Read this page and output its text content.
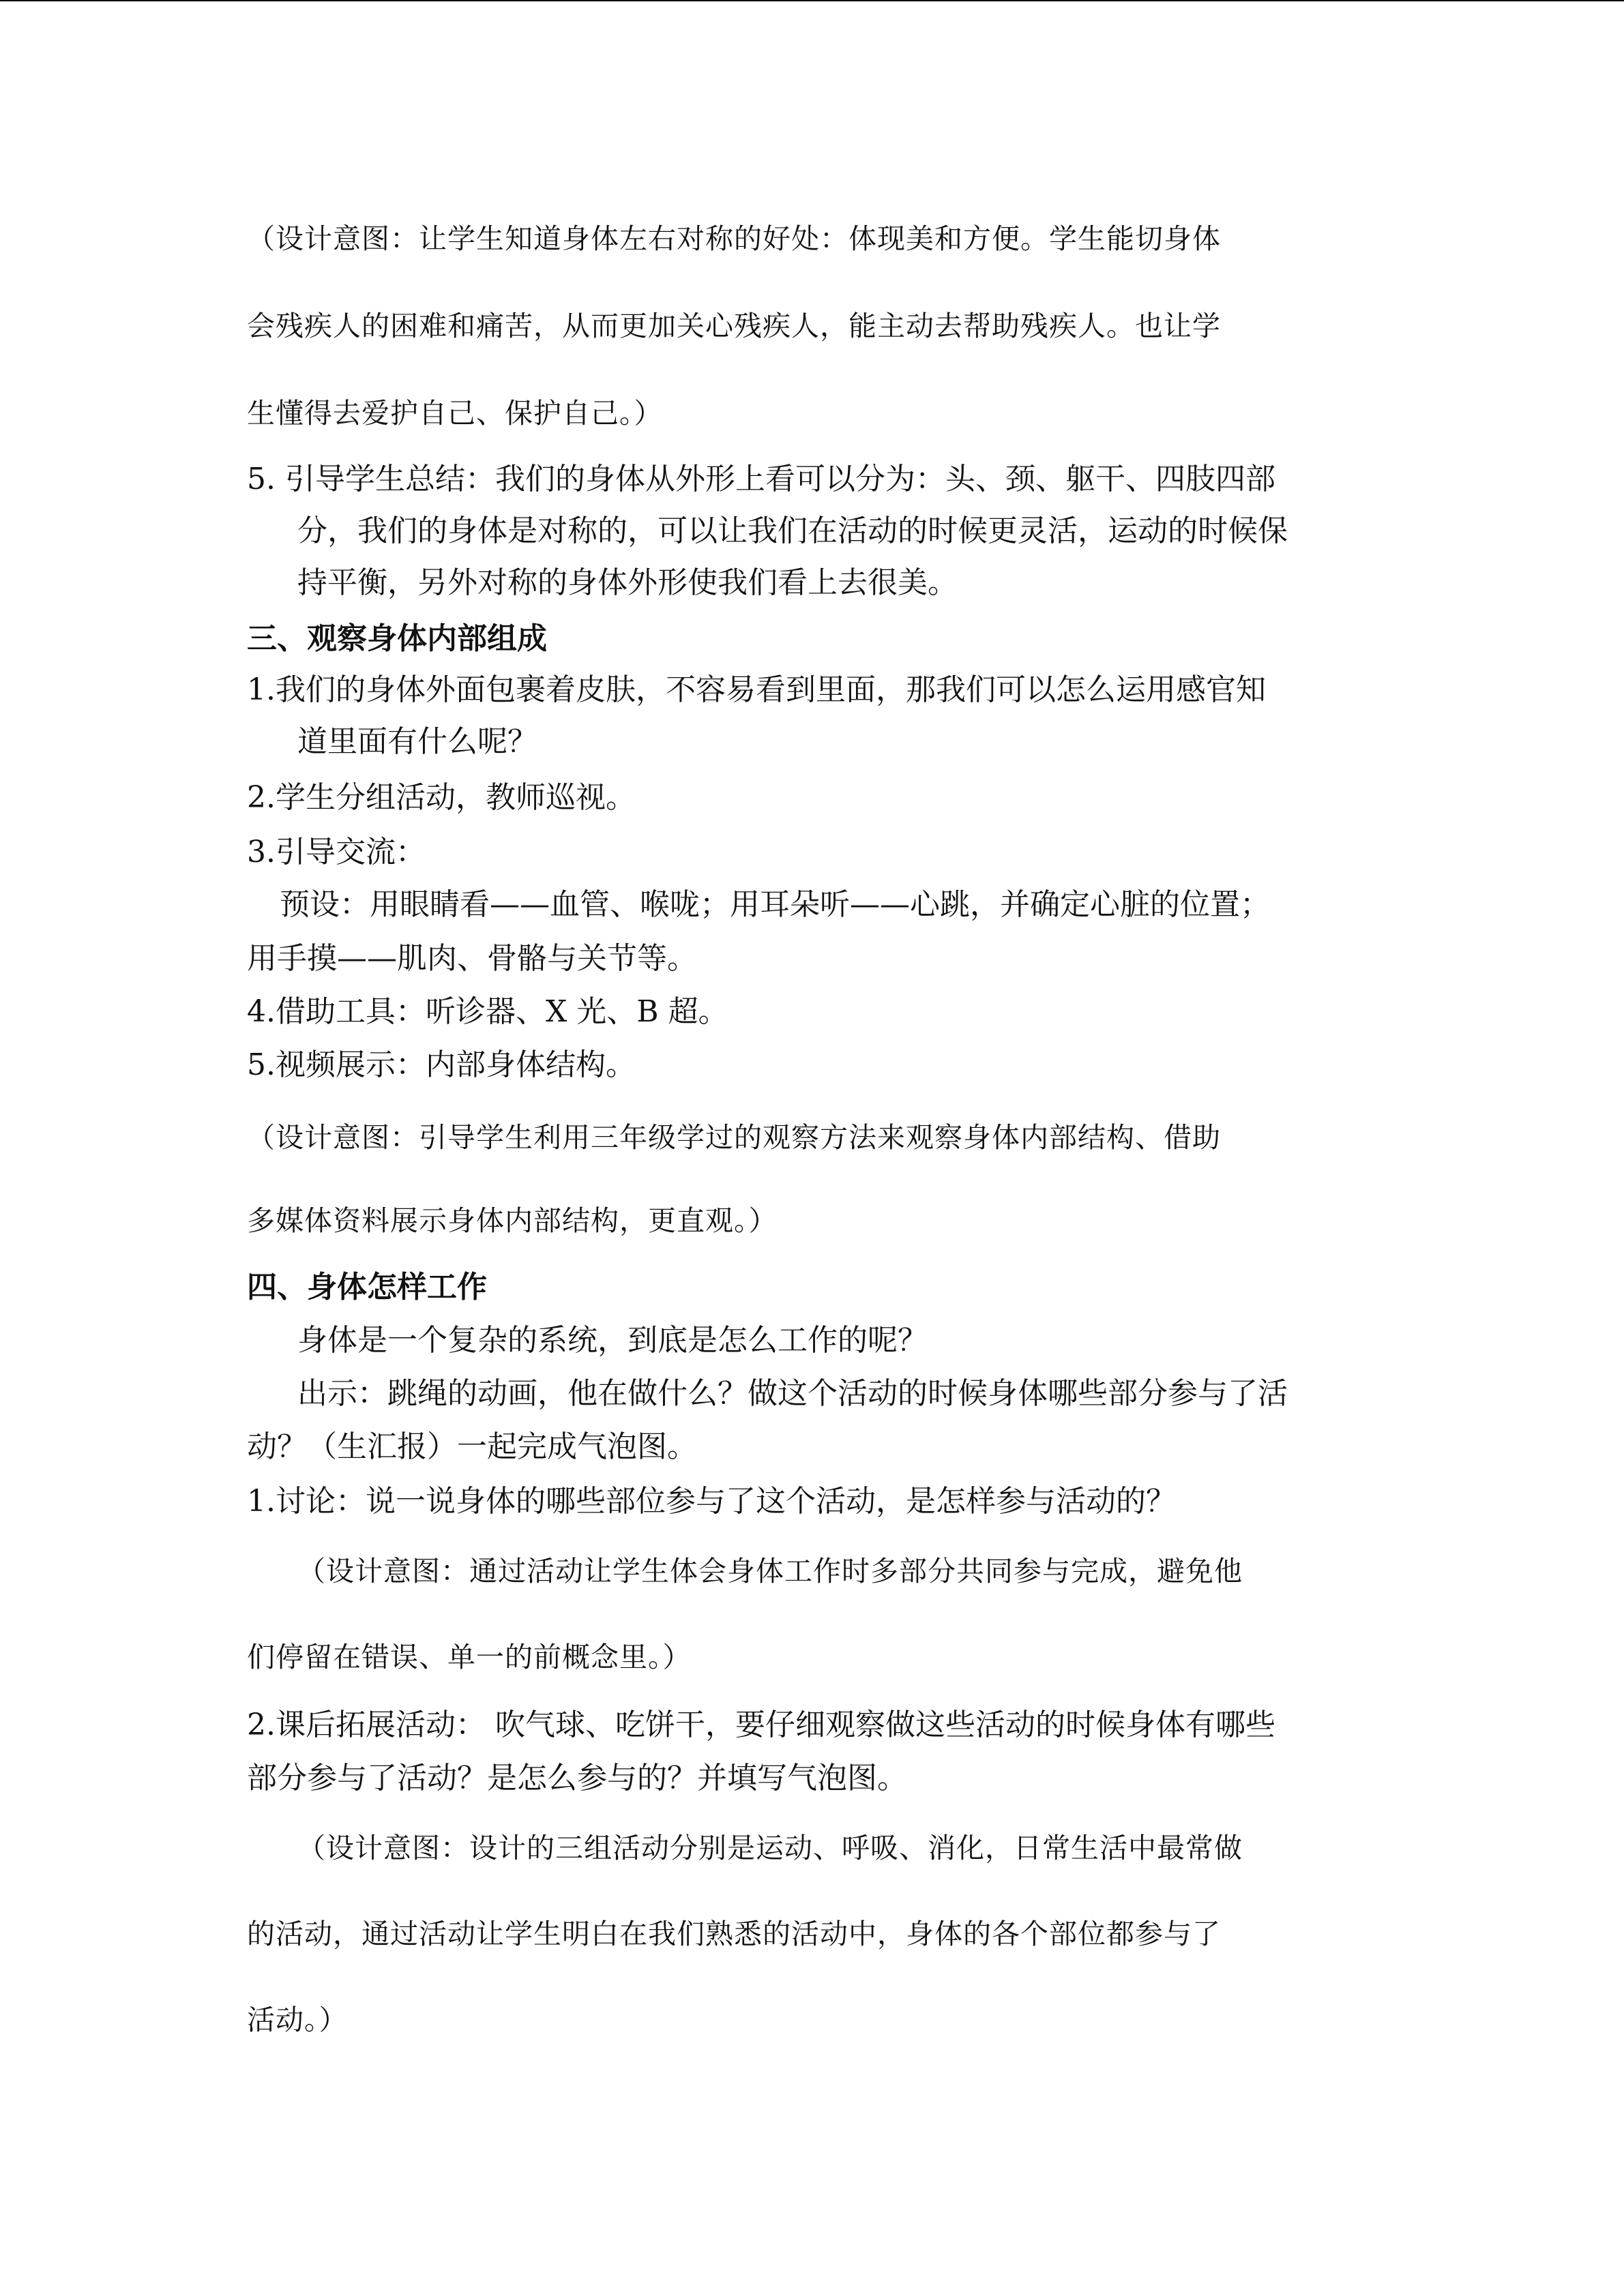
（设计意图：让学生知道身体左右对称的好处：体现美和方便。学生能切身体
会残疾人的困难和痛苦，从而更加关心残疾人，能主动去帮助残疾人。也让学
生懂得去爱护自己、保护自己。）
5. 引导学生总结：我们的身体从外形上看可以分为：头、颈、躯干、四肢四部
分，我们的身体是对称的，可以让我们在活动的时候更灵活，运动的时候保
持平衡，另外对称的身体外形使我们看上去很美。
三、观察身体内部组成
1.我们的身体外面包裹着皮肤，不容易看到里面，那我们可以怎么运用感官知
道里面有什么呢？
2.学生分组活动，教师巡视。
3.引导交流：
预设：用眼睛看——血管、喉咙；用耳朵听——心跳，并确定心脏的位置；
用手摸——肌肉、骨骼与关节等。
4.借助工具：听诊器、X 光、B 超。
5.视频展示：内部身体结构。
（设计意图：引导学生利用三年级学过的观察方法来观察身体内部结构、借助
多媒体资料展示身体内部结构，更直观。）
四、身体怎样工作
身体是一个复杂的系统，到底是怎么工作的呢？
出示：跳绳的动画，他在做什么？做这个活动的时候身体哪些部分参与了活
动？（生汇报）一起完成气泡图。
1.讨论：说一说身体的哪些部位参与了这个活动，是怎样参与活动的？
（设计意图：通过活动让学生体会身体工作时多部分共同参与完成，避免他
们停留在错误、单一的前概念里。）
2.课后拓展活动： 吹气球、吃饼干，要仔细观察做这些活动的时候身体有哪些
部分参与了活动？是怎么参与的？并填写气泡图。
（设计意图：设计的三组活动分别是运动、呼吸、消化，日常生活中最常做
的活动，通过活动让学生明白在我们熟悉的活动中，身体的各个部位都参与了
活动。）
